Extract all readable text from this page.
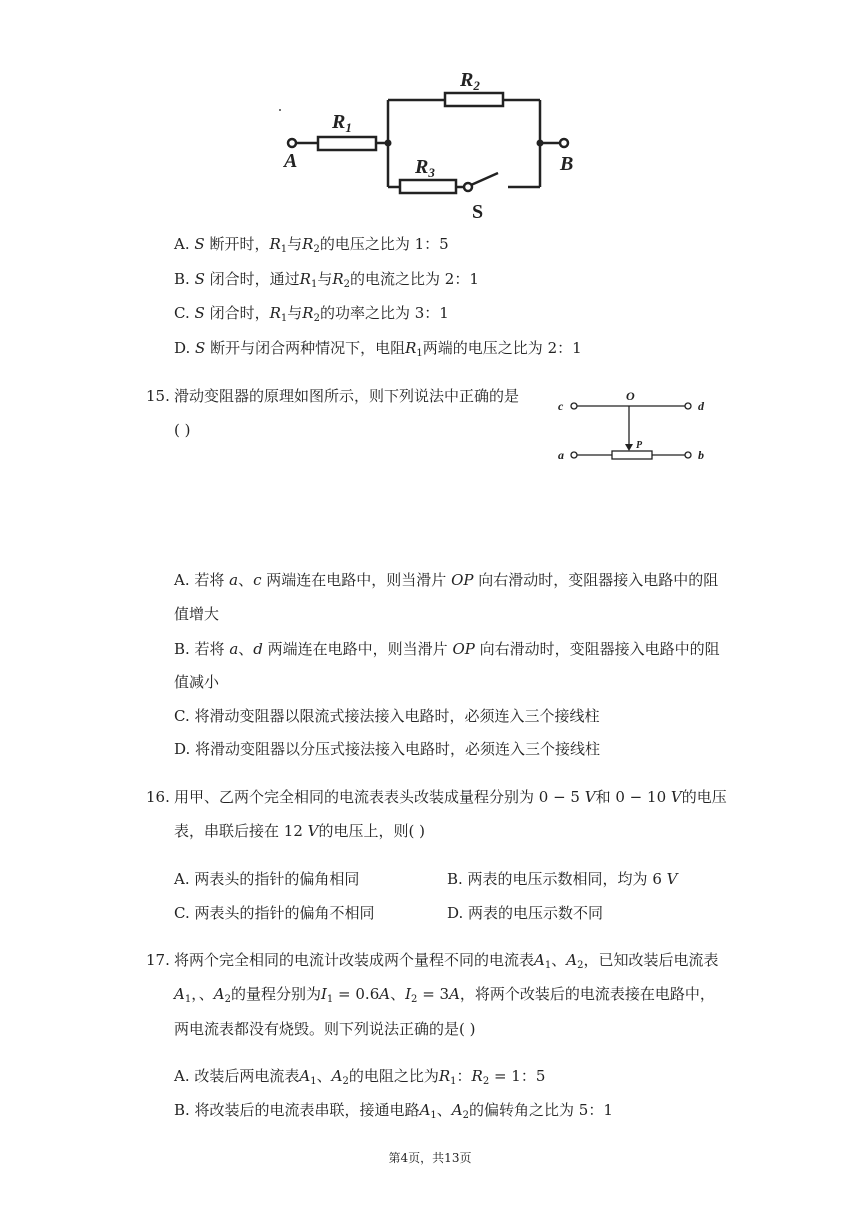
$R_1$
$R_2$
$R_3$
A	B
S
A. S 断开时，$R_1$与$R_2$的电压之比为 1：5
B. S 闭合时，通过$R_1$与$R_2$的电流之比为 2：1
C. S 闭合时，$R_1$与$R_2$的功率之比为 3：1
D. S 断开与闭合两种情况下，电阻$R_1$两端的电压之比为 2：1
15. 滑动变阻器的原理如图所示，则下列说法中正确的是
( )
c
O
d
a
P
b
A. 若将 a、c 两端连在电路中，则当滑片 OP 向右滑动时，变阻器接入电路中的阻
值增大
B. 若将 a、d 两端连在电路中，则当滑片 OP 向右滑动时，变阻器接入电路中的阻
值减小
C. 将滑动变阻器以限流式接法接入电路时，必须连入三个接线柱
D. 将滑动变阻器以分压式接法接入电路时，必须连入三个接线柱
16. 用甲、乙两个完全相同的电流表表头改装成量程分别为 0 − 5 V和 0 − 10 V的电压
表，串联后接在 12 V的电压上，则( )
A. 两表头的指针的偏角相同	B. 两表的电压示数相同，均为 6 V
C. 两表头的指针的偏角不相同	D. 两表的电压示数不同
17. 将两个完全相同的电流计改装成两个量程不同的电流表$A_1$、$A_2$，已知改装后电流表
$A_1$，、$A_2$的量程分别为$I_1 = 0.6A$、$I_2 = 3A$，将两个改装后的电流表接在电路中，
两电流表都没有烧毁。则下列说法正确的是( )
A. 改装后两电流表$A_1$、$A_2$的电阻之比为$R_1$：$R_2 = 1$：5
B. 将改装后的电流表串联，接通电路$A_1$、$A_2$的偏转角之比为 5：1
第4页，共13页
